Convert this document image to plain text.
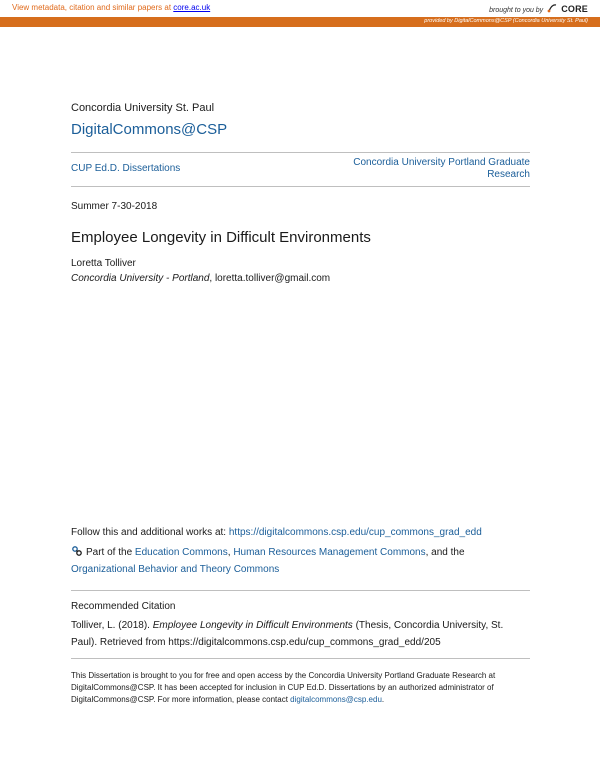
View metadata, citation and similar papers at core.ac.uk	brought to you by CORE
provided by DigitalCommons@CSP (Concordia University St. Paul)
Concordia University St. Paul
DigitalCommons@CSP
CUP Ed.D. Dissertations
Concordia University Portland Graduate Research
Summer 7-30-2018
Employee Longevity in Difficult Environments
Loretta Tolliver
Concordia University - Portland, loretta.tolliver@gmail.com
Follow this and additional works at: https://digitalcommons.csp.edu/cup_commons_grad_edd
Part of the Education Commons, Human Resources Management Commons, and the Organizational Behavior and Theory Commons
Recommended Citation
Tolliver, L. (2018). Employee Longevity in Difficult Environments (Thesis, Concordia University, St. Paul). Retrieved from https://digitalcommons.csp.edu/cup_commons_grad_edd/205
This Dissertation is brought to you for free and open access by the Concordia University Portland Graduate Research at DigitalCommons@CSP. It has been accepted for inclusion in CUP Ed.D. Dissertations by an authorized administrator of DigitalCommons@CSP. For more information, please contact digitalcommons@csp.edu.
